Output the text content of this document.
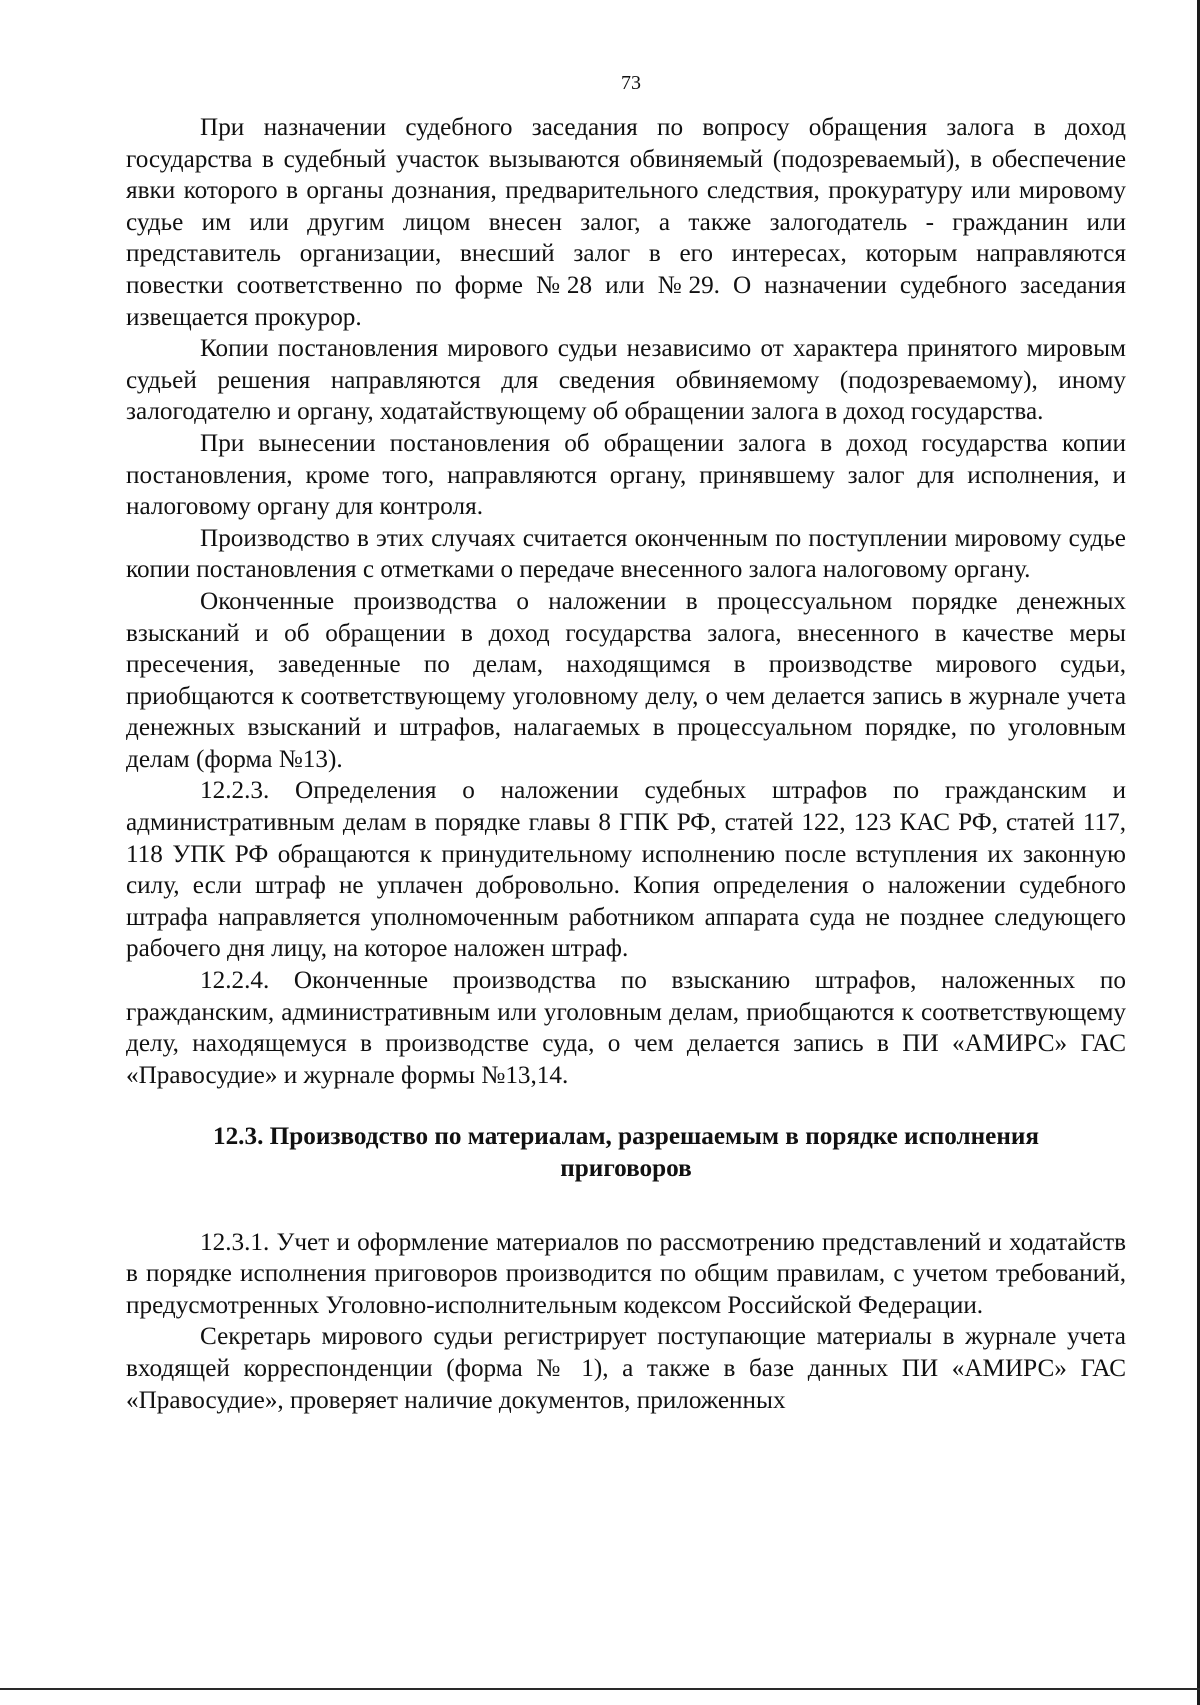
73

При назначении судебного заседания по вопросу обращения залога в доход государства в судебный участок вызываются обвиняемый (подозреваемый), в обеспечение явки которого в органы дознания, предварительного следствия, прокуратуру или мировому судье им или другим лицом внесен залог, а также залогодатель - гражданин или представитель организации, внесший залог в его интересах, которым направляются повестки соответственно по форме №28 или №29. О назначении судебного заседания извещается прокурор.

Копии постановления мирового судьи независимо от характера принятого мировым судьей решения направляются для сведения обвиняемому (подозреваемому), иному залогодателю и органу, ходатайствующему об обращении залога в доход государства.

При вынесении постановления об обращении залога в доход государства копии постановления, кроме того, направляются органу, принявшему залог для исполнения, и налоговому органу для контроля.

Производство в этих случаях считается оконченным по поступлении мировому судье копии постановления с отметками о передаче внесенного залога налоговому органу.

Оконченные производства о наложении в процессуальном порядке денежных взысканий и об обращении в доход государства залога, внесенного в качестве меры пресечения, заведенные по делам, находящимся в производстве мирового судьи, приобщаются к соответствующему уголовному делу, о чем делается запись в журнале учета денежных взысканий и штрафов, налагаемых в процессуальном порядке, по уголовным делам (форма №13).

12.2.3. Определения о наложении судебных штрафов по гражданским и административным делам в порядке главы 8 ГПК РФ, статей 122, 123 КАС РФ, статей 117, 118 УПК РФ обращаются к принудительному исполнению после вступления их законную силу, если штраф не уплачен добровольно. Копия определения о наложении судебного штрафа направляется уполномоченным работником аппарата суда не позднее следующего рабочего дня лицу, на которое наложен штраф.

12.2.4. Оконченные производства по взысканию штрафов, наложенных по гражданским, административным или уголовным делам, приобщаются к соответствующему делу, находящемуся в производстве суда, о чем делается запись в ПИ «АМИРС» ГАС «Правосудие» и журнале формы №13,14.

12.3. Производство по материалам, разрешаемым в порядке исполнения приговоров

12.3.1. Учет и оформление материалов по рассмотрению представлений и ходатайств в порядке исполнения приговоров производится по общим правилам, с учетом требований, предусмотренных Уголовно-исполнительным кодексом Российской Федерации.

Секретарь мирового судьи регистрирует поступающие материалы в журнале учета входящей корреспонденции (форма № 1), а также в базе данных ПИ «АМИРС» ГАС «Правосудие», проверяет наличие документов, приложенных
